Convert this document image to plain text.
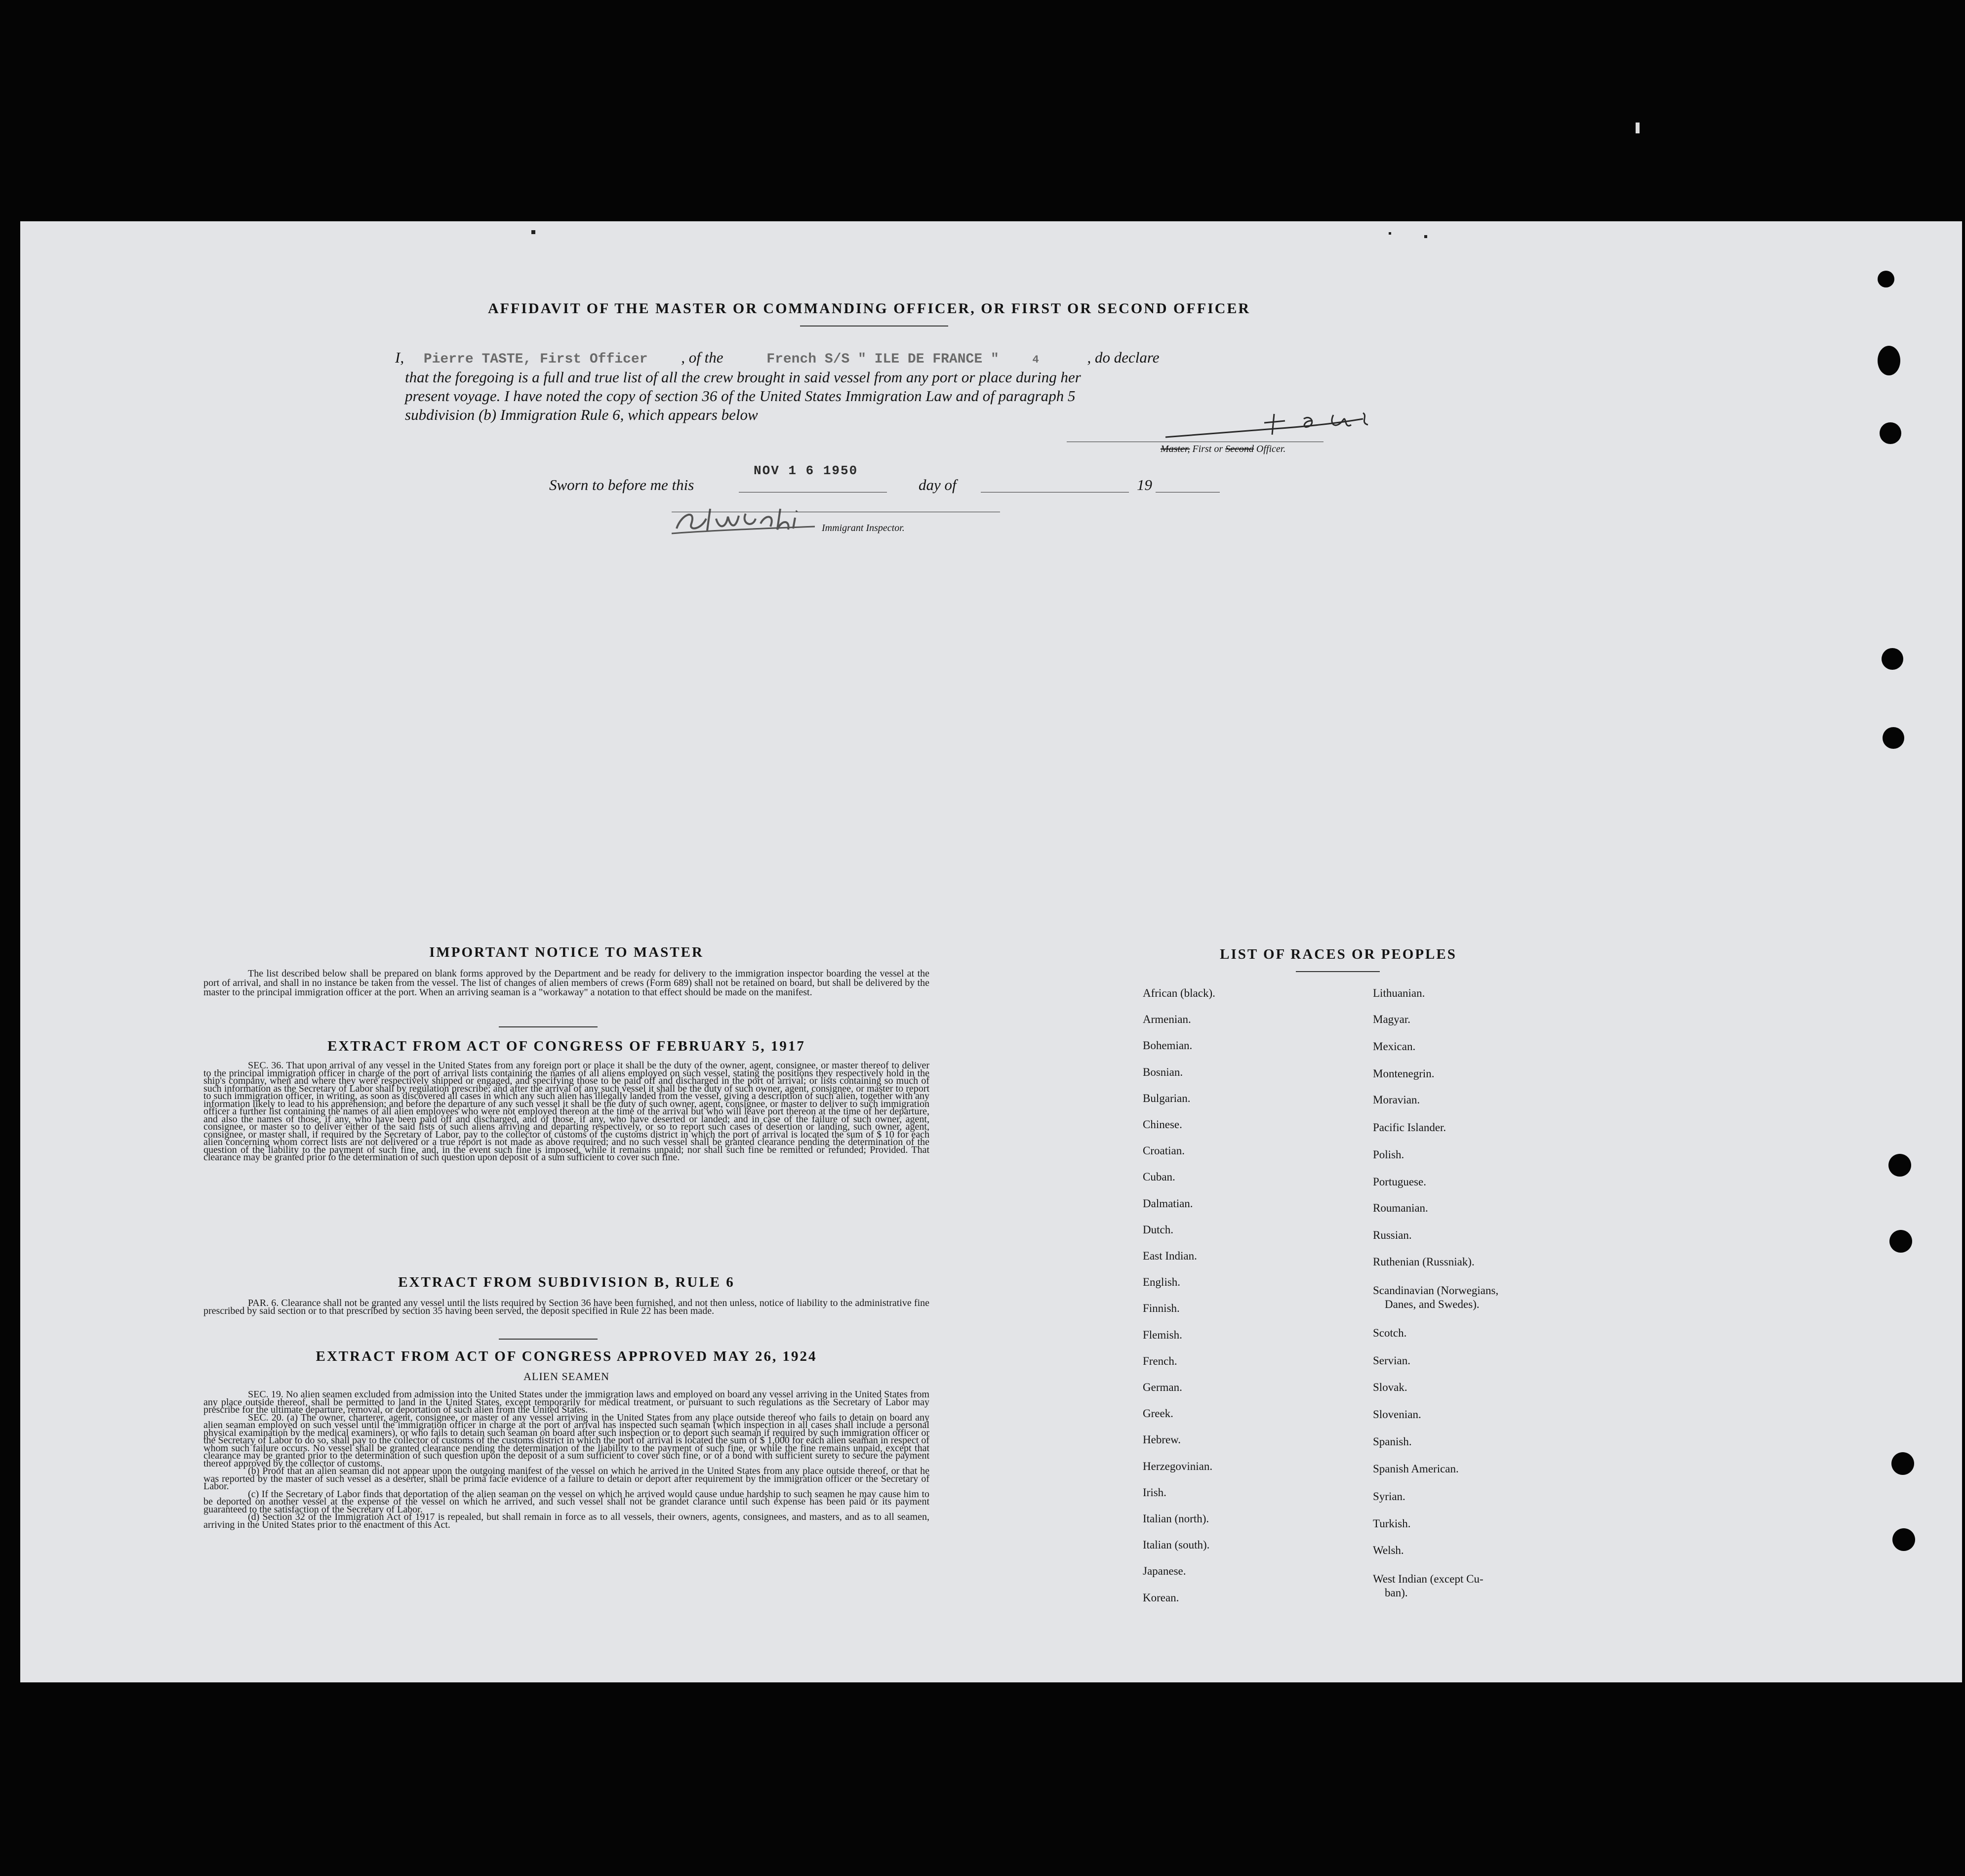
AFFIDAVIT OF THE MASTER OR COMMANDING OFFICER, OR FIRST OR SECOND OFFICER
I, Pierre TASTE, First Officer , of the	French S/S " ILE DE FRANCE "	4	, do declare
that the foregoing is a full and true list of all the crew brought in said vessel from any port or place during her
present voyage. I have noted the copy of section 36 of the United States Immigration Law and of paragraph 5
subdivision (b) Immigration Rule 6, which appears below
Master, First or Second Officer.
Sworn to before me this
NOV 1 6 1950
day of	19
Immigrant Inspector.
IMPORTANT NOTICE TO MASTER

The list described below shall be prepared on blank forms approved by the Department and be ready for delivery to the immigration inspector boarding the vessel at the port of arrival, and shall in no instance be taken from the vessel. The list of changes of alien members of crews (Form 689) shall not be retained on board, but shall be delivered by the master to the principal immigration officer at the port. When an arriving seaman is a "workaway" a notation to that effect should be made on the manifest.

EXTRACT FROM ACT OF CONGRESS OF FEBRUARY 5, 1917

SEC. 36. That upon arrival of any vessel in the United States from any foreign port or place it shall be the duty of the owner, agent, consignee, or master thereof to deliver to the principal immigration officer in charge of the port of arrival lists containing the names of all aliens employed on such vessel, stating the positions they respectively hold in the ship's company, when and where they were respectively shipped or engaged, and specifying those to be paid off and discharged in the port of arrival; or lists containing so much of such information as the Secretary of Labor shall by regulation prescribe; and after the arrival of any such vessel it shall be the duty of such owner, agent, consignee, or master to report to such immigration officer, in writing, as soon as discovered all cases in which any such alien has illegally landed from the vessel, giving a description of such alien, together with any information likely to lead to his apprehension; and before the departure of any such vessel it shall be the duty of such owner, agent, consignee, or master to deliver to such immigration officer a further list containing the names of all alien employees who were not employed thereon at the time of the arrival but who will leave port thereon at the time of her departure, and also the names of those, if any, who have been paid off and discharged, and of those, if any, who have deserted or landed; and in case of the failure of such owner, agent, consignee, or master so to deliver either of the said lists of such aliens arriving and departing respectively, or so to report such cases of desertion or landing, such owner, agent, consignee, or master shall, if required by the Secretary of Labor, pay to the collector of customs of the customs district in which the port of arrival is located the sum of $ 10 for each alien concerning whom correct lists are not delivered or a true report is not made as above required; and no such vessel shall be granted clearance pending the determination of the question of the liability to the payment of such fine, and, in the event such fine is imposed, while it remains unpaid; nor shall such fine be remitted or refunded; Provided. That clearance may be granted prior to the determination of such question upon deposit of a sum sufficient to cover such fine.

EXTRACT FROM SUBDIVISION B, RULE 6

PAR. 6. Clearance shall not be granted any vessel until the lists required by Section 36 have been furnished, and not then unless, notice of liability to the administrative fine prescribed by said section or to that prescribed by section 35 having been served, the deposit specified in Rule 22 has been made.

EXTRACT FROM ACT OF CONGRESS APPROVED MAY 26, 1924
ALIEN SEAMEN

SEC. 19. No alien seamen excluded from admission into the United States under the immigration laws and employed on board any vessel arriving in the United States from any place outside thereof, shall be permitted to land in the United States, except temporarily for medical treatment, or pursuant to such regulations as the Secretary of Labor may prescribe for the ultimate departure, removal, or deportation of such alien from the United States.

SEC. 20. (a) The owner, charterer, agent, consignee, or master of any vessel arriving in the United States from any place outside thereof who fails to detain on board any alien seaman employed on such vessel until the immigration officer in charge at the port of arrival has inspected such seaman (which inspection in all cases shall include a personal physical examination by the medical examiners), or who fails to detain such seaman on board after such inspection or to deport such seaman if required by such immigration officer or the Secretary of Labor to do so, shall pay to the collector of customs of the customs district in which the port of arrival is located the sum of $ 1,000 for each alien seaman in respect of whom such failure occurs. No vessel shall be granted clearance pending the determination of the liability to the payment of such fine, or while the fine remains unpaid, except that clearance may be granted prior to the determination of such question upon the deposit of a sum sufficient to cover such fine, or of a bond with sufficient surety to secure the payment thereof approved by the collector of customs.

(b) Proof that an alien seaman did not appear upon the outgoing manifest of the vessel on which he arrived in the United States from any place outside thereof, or that he was reported by the master of such vessel as a deserter, shall be prima facie evidence of a failure to detain or deport after requirement by the immigration officer or the Secretary of Labor.

(c) If the Secretary of Labor finds that deportation of the alien seaman on the vessel on which he arrived would cause undue hardship to such seamen he may cause him to be deported on another vessel at the expense of the vessel on which he arrived, and such vessel shall not be grandet clarance until such expense has been paid or its payment guaranteed to the satisfaction of the Secretary of Labor.

(d) Section 32 of the Immigration Act of 1917 is repealed, but shall remain in force as to all vessels, their owners, agents, consignees, and masters, and as to all seamen, arriving in the United States prior to the enactment of this Act.

LIST OF RACES OR PEOPLES
African (black).
Armenian.
Bohemian.
Bosnian.
Bulgarian.
Chinese.
Croatian.
Cuban.
Dalmatian.
Dutch.
East Indian.
English.
Finnish.
Flemish.
French.
German.
Greek.
Hebrew.
Herzegovinian.
Irish.
Italian (north).
Italian (south).
Japanese.
Korean.
Lithuanian.
Magyar.
Mexican.
Montenegrin.
Moravian.
Pacific Islander.
Polish.
Portuguese.
Roumanian.
Russian.
Ruthenian (Russniak).
Scandinavian (Norwegians,
Danes, and Swedes).
Scotch.
Servian.
Slovak.
Slovenian.
Spanish.
Spanish American.
Syrian.
Turkish.
Welsh.
West Indian (except Cu-
ban).
